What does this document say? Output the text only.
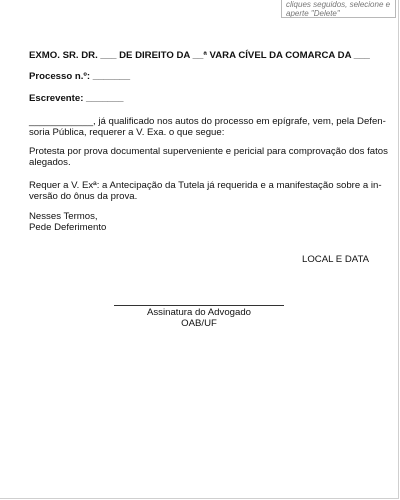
cliques seguidos, selecione e
aperte "Delete"
EXMO. SR. DR. ___ DE DIREITO DA __ª VARA CÍVEL DA COMARCA DA ___
Processo n.º: _______
Escrevente: _______
____________, já qualificado nos autos do processo em epígrafe, vem, pela Defen-
soria Pública, requerer a V. Exa. o que segue:
Protesta por prova documental superveniente e pericial para comprovação dos fatos
alegados.
Requer a V. Exª: a Antecipação da Tutela já requerida e a manifestação sobre a in-
versão do ônus da prova.
Nesses Termos,
Pede Deferimento
LOCAL E DATA
Assinatura do Advogado
OAB/UF
